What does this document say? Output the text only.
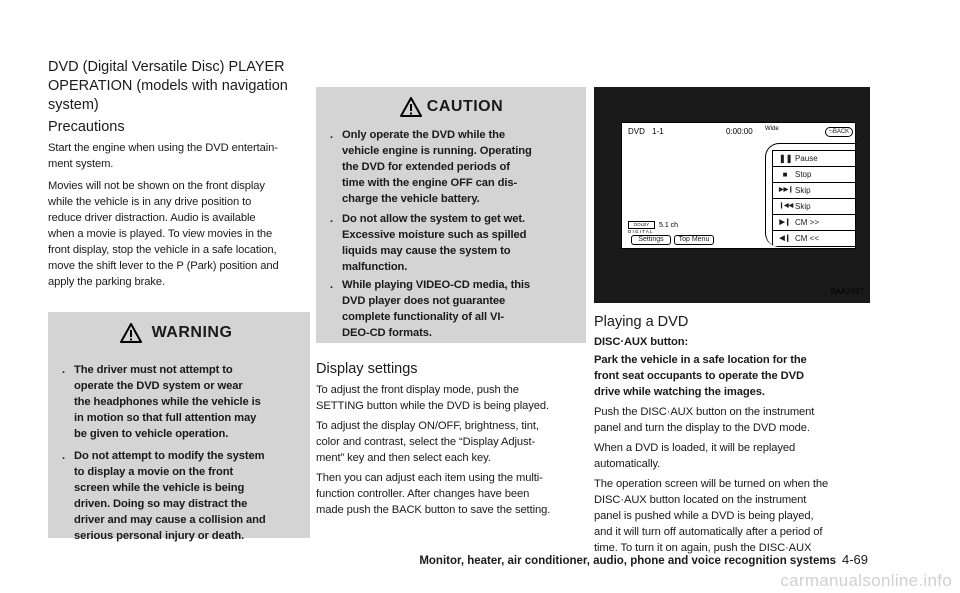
DVD (Digital Versatile Disc) PLAYER
OPERATION (models with navigation
system)
Precautions
Start the engine when using the DVD entertain-
ment system.
Movies will not be shown on the front display
while the vehicle is in any drive position to
reduce driver distraction. Audio is available
when a movie is played. To view movies in the
front display, stop the vehicle in a safe location,
move the shift lever to the P (Park) position and
apply the parking brake.
WARNING
. The driver must not attempt to
operate the DVD system or wear
the headphones while the vehicle is
in motion so that full attention may
be given to vehicle operation.
. Do not attempt to modify the system
to display a movie on the front
screen while the vehicle is being
driven. Doing so may distract the
driver and may cause a collision and
serious personal injury or death.
CAUTION
. Only operate the DVD while the
vehicle engine is running. Operating
the DVD for extended periods of
time with the engine OFF can dis-
charge the vehicle battery.
. Do not allow the system to get wet.
Excessive moisture such as spilled
liquids may cause the system to
malfunction.
. While playing VIDEO-CD media, this
DVD player does not guarantee
complete functionality of all VI-
DEO-CD formats.
Display settings
To adjust the front display mode, push the
SETTING button while the DVD is being played.
To adjust the display ON/OFF, brightness, tint,
color and contrast, select the “Display Adjust-
ment” key and then select each key.
Then you can adjust each item using the multi-
function controller. After changes have been
made push the BACK button to save the setting.
DVD 1-1	0:00:00 Wide	⮌BACK
❚❚ Pause
■ Stop
▶▶❙ Skip
❙◀◀ Skip
▶❙ CM >>
◀❙ CM <<
DOLBY
D I G I T A L
5.1 ch
Settings	Top Menu
SAA2497
Playing a DVD
DISC·AUX button:
Park the vehicle in a safe location for the
front seat occupants to operate the DVD
drive while watching the images.
Push the DISC·AUX button on the instrument
panel and turn the display to the DVD mode.
When a DVD is loaded, it will be replayed
automatically.
The operation screen will be turned on when the
DISC·AUX button located on the instrument
panel is pushed while a DVD is being played,
and it will turn off automatically after a period of
time. To turn it on again, push the DISC·AUX
Monitor, heater, air conditioner, audio, phone and voice recognition systems 4-69
carmanualsonline.info
